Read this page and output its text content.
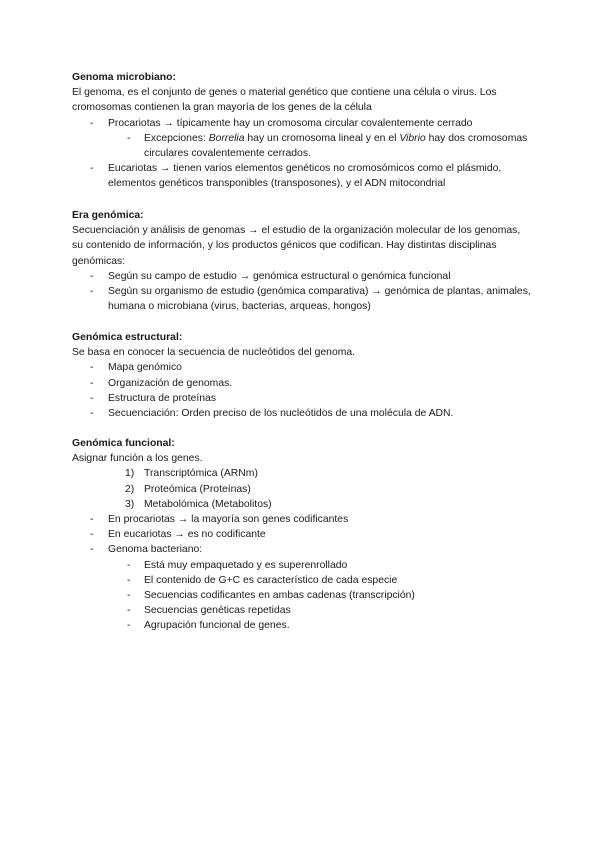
Genoma microbiano:
El genoma, es el conjunto de genes o material genético que contiene una célula o virus. Los cromosomas contienen la gran mayoría de los genes de la célula
- Procariotas → típicamente hay un cromosoma circular covalentemente cerrado
- Excepciones: Borrelia hay un cromosoma lineal y en el Vibrio hay dos cromosomas circulares covalentemente cerrados.
- Eucariotas → tienen varios elementos genéticos no cromosómicos como el plásmido, elementos genéticos transponibles (transposones), y el ADN mitocondrial
Era genómica:
Secuenciación y análisis de genomas → el estudio de la organización molecular de los genomas, su contenido de información, y los productos génicos que codifican. Hay distintas disciplinas genómicas:
- Según su campo de estudio → genómica estructural o genómica funcional
- Según su organismo de estudio (genómica comparativa) → genómica de plantas, animales, humana o microbiana (virus, bacterias, arqueas, hongos)
Genómica estructural:
Se basa en conocer la secuencia de nucleótidos del genoma.
- Mapa genómico
- Organización de genomas.
- Estructura de proteínas
- Secuenciación: Orden preciso de los nucleótidos de una molécula de ADN.
Genómica funcional:
Asignar función a los genes.
1) Transcriptómica (ARNm)
2) Proteómica (Proteínas)
3) Metabolómica (Metabolitos)
- En procariotas → la mayoría son genes codificantes
- En eucariotas → es no codificante
- Genoma bacteriano:
- Está muy empaquetado y es superenrollado
- El contenido de G+C es característico de cada especie
- Secuencias codificantes en ambas cadenas (transcripción)
- Secuencias genéticas repetidas
- Agrupación funcional de genes.
